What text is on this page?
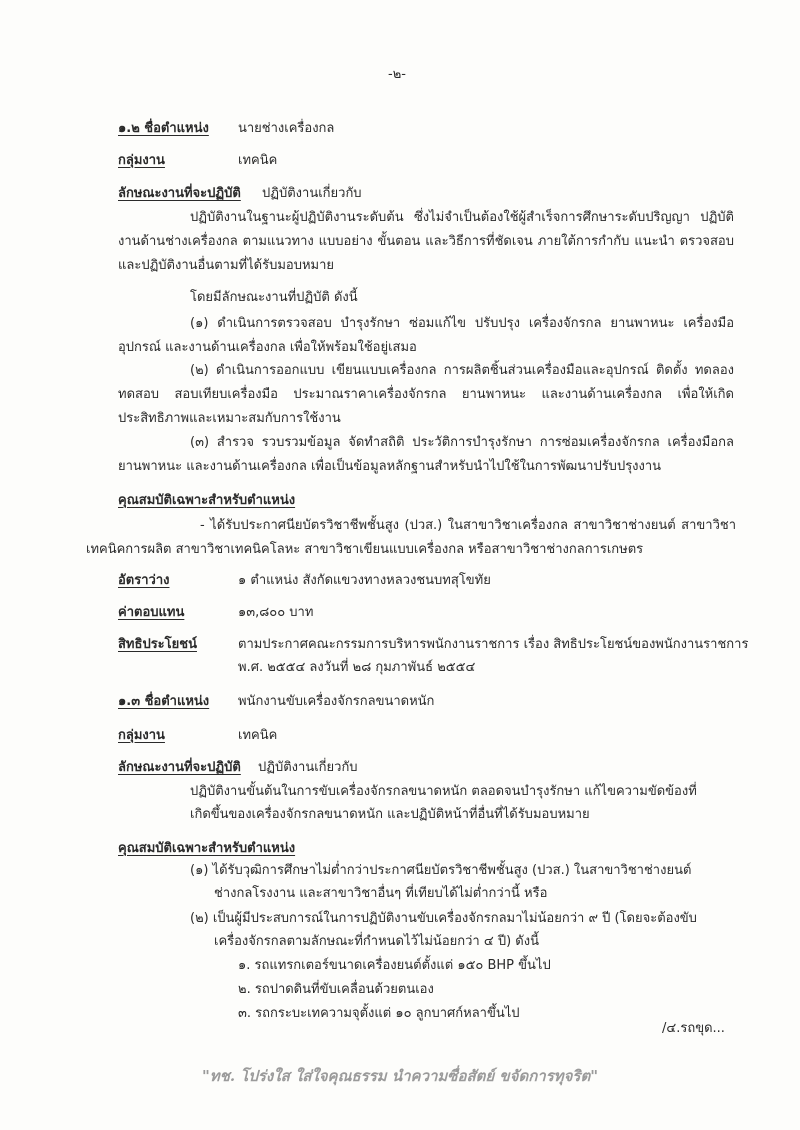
-๒-
๑.๒ ชื่อตำแหน่ง นายช่างเครื่องกล
กลุ่มงาน	เทคนิค
ลักษณะงานที่จะปฏิบัติ ปฏิบัติงานเกี่ยวกับ
ปฏิบัติงานในฐานะผู้ปฏิบัติงานระดับต้น ซึ่งไม่จำเป็นต้องใช้ผู้สำเร็จการศึกษาระดับปริญญา ปฏิบัติงานด้านช่างเครื่องกล ตามแนวทาง แบบอย่าง ขั้นตอน และวิธีการที่ชัดเจน ภายใต้การกำกับ แนะนำ ตรวจสอบ และปฏิบัติงานอื่นตามที่ได้รับมอบหมาย
โดยมีลักษณะงานที่ปฏิบัติ ดังนี้
(๑) ดำเนินการตรวจสอบ บำรุงรักษา ซ่อมแก้ไข ปรับปรุง เครื่องจักรกล ยานพาหนะ เครื่องมือ อุปกรณ์ และงานด้านเครื่องกล เพื่อให้พร้อมใช้อยู่เสมอ
(๒) ดำเนินการออกแบบ เขียนแบบเครื่องกล การผลิตชิ้นส่วนเครื่องมือและอุปกรณ์ ติดตั้ง ทดลอง ทดสอบ สอบเทียบเครื่องมือ ประมาณราคาเครื่องจักรกล ยานพาหนะ และงานด้านเครื่องกล เพื่อให้เกิดประสิทธิภาพและเหมาะสมกับการใช้งาน
(๓) สำรวจ รวบรวมข้อมูล จัดทำสถิติ ประวัติการบำรุงรักษา การซ่อมเครื่องจักรกล เครื่องมือกล ยานพาหนะ และงานด้านเครื่องกล เพื่อเป็นข้อมูลหลักฐานสำหรับนำไปใช้ในการพัฒนาปรับปรุงงาน
คุณสมบัติเฉพาะสำหรับตำแหน่ง
- ได้รับประกาศนียบัตรวิชาชีพชั้นสูง (ปวส.) ในสาขาวิชาเครื่องกล สาขาวิชาช่างยนต์ สาขาวิชาเทคนิคการผลิต สาขาวิชาเทคนิคโลหะ สาขาวิชาเขียนแบบเครื่องกล หรือสาขาวิชาช่างกลการเกษตร
อัตราว่าง	๑ ตำแหน่ง สังกัดแขวงทางหลวงชนบทสุโขทัย
ค่าตอบแทน	๑๓,๘๐๐ บาท
สิทธิประโยชน์	ตามประกาศคณะกรรมการบริหารพนักงานราชการ เรื่อง สิทธิประโยชน์ของพนักงานราชการ
พ.ศ. ๒๕๕๔ ลงวันที่ ๒๘ กุมภาพันธ์ ๒๕๕๔
๑.๓ ชื่อตำแหน่ง พนักงานขับเครื่องจักรกลขนาดหนัก
กลุ่มงาน	เทคนิค
ลักษณะงานที่จะปฏิบัติ ปฏิบัติงานเกี่ยวกับ
ปฏิบัติงานขั้นต้นในการขับเครื่องจักรกลขนาดหนัก ตลอดจนบำรุงรักษา แก้ไขความขัดข้องที่
เกิดขึ้นของเครื่องจักรกลขนาดหนัก และปฏิบัติหน้าที่อื่นที่ได้รับมอบหมาย
คุณสมบัติเฉพาะสำหรับตำแหน่ง
(๑) ได้รับวุฒิการศึกษาไม่ต่ำกว่าประกาศนียบัตรวิชาชีพชั้นสูง (ปวส.) ในสาขาวิชาช่างยนต์
ช่างกลโรงงาน และสาขาวิชาอื่นๆ ที่เทียบได้ไม่ต่ำกว่านี้ หรือ
(๒) เป็นผู้มีประสบการณ์ในการปฏิบัติงานขับเครื่องจักรกลมาไม่น้อยกว่า ๙ ปี (โดยจะต้องขับ
เครื่องจักรกลตามลักษณะที่กำหนดไว้ไม่น้อยกว่า ๔ ปี) ดังนี้
๑. รถแทรกเตอร์ขนาดเครื่องยนต์ตั้งแต่ ๑๕๐ BHP ขึ้นไป
๒. รถปาดดินที่ขับเคลื่อนด้วยตนเอง
๓. รถกระบะเทความจุตั้งแต่ ๑๐ ลูกบาศก์หลาขึ้นไป
/๔.รถขุด...
"ทช. โปร่งใส ใส่ใจคุณธรรม นำความซื่อสัตย์ ขจัดการทุจริต"
